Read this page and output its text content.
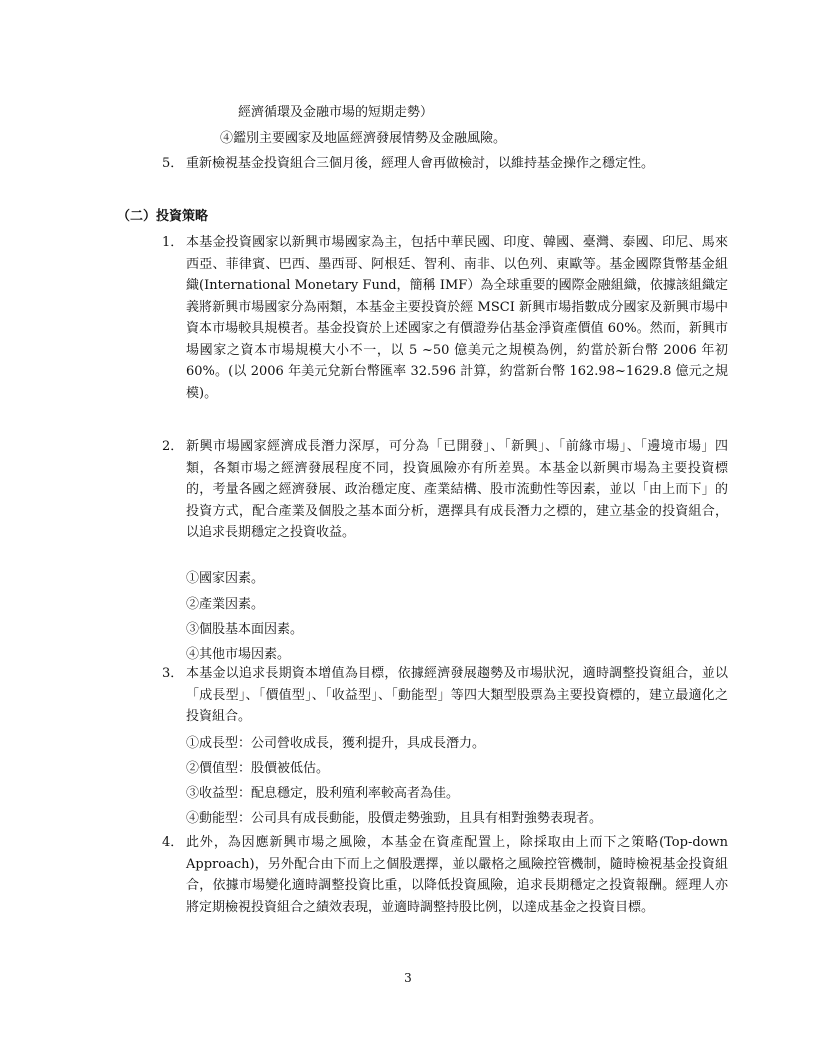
經濟循環及金融市場的短期走勢）

④鑑別主要國家及地區經濟發展情勢及金融風險。

5． 重新檢視基金投資組合三個月後，經理人會再做檢討，以維持基金操作之穩定性。

（二）投資策略

1． 本基金投資國家以新興市場國家為主，包括中華民國、印度、韓國、臺灣、泰國、印尼、馬來西亞、菲律賓、巴西、墨西哥、阿根廷、智利、南非、以色列、東歐等。基金國際貨幣基金組織(International Monetary Fund，簡稱 IMF）為全球重要的國際金融組織，依據該組織定義將新興市場國家分為兩類，本基金主要投資於經 MSCI 新興市場指數成分國家及新興市場中資本市場較具規模者。基金投資於上述國家之有價證券佔基金淨資產價值 60%。然而，新興市場國家之資本市場規模大小不一，以 5 ~50 億美元之規模為例，約當於新台幣 2006 年初 60%。(以 2006 年美元兌新台幣匯率 32.596 計算，約當新台幣 162.98~1629.8 億元之規模)。
2． 新興市場國家經濟成長潛力深厚，可分為「已開發」、「新興」、「前緣市場」、「邊境市場」四類，各類市場之經濟發展程度不同，投資風險亦有所差異。本基金以新興市場為主要投資標的，考量各國之經濟發展、政治穩定度、產業結構、股市流動性等因素，並以「由上而下」的投資方式，配合產業及個股之基本面分析，選擇具有成長潛力之標的，建立基金的投資組合，以追求長期穩定之投資收益。

①國家因素。

②產業因素。

③個股基本面因素。

④其他市場因素。

3． 本基金以追求長期資本增值為目標，依據經濟發展趨勢及市場狀況，適時調整投資組合，並以「成長型」、「價值型」、「收益型」、「動能型」等四大類型股票為主要投資標的，建立最適化之投資組合。

①成長型：公司營收成長，獲利提升，具成長潛力。

②價值型：股價被低估。

③收益型：配息穩定，股利殖利率較高者為佳。

④動能型：公司具有成長動能，股價走勢強勁，且具有相對強勢表現者。

4． 此外，為因應新興市場之風險，本基金在資產配置上，除採取由上而下之策略(Top-down Approach)，另外配合由下而上之個股選擇，並以嚴格之風險控管機制，隨時檢視基金投資組合，依據市場變化適時調整投資比重，以降低投資風險，追求長期穩定之投資報酬。經理人亦將定期檢視投資組合之績效表現，並適時調整持股比例，以達成基金之投資目標。
3
